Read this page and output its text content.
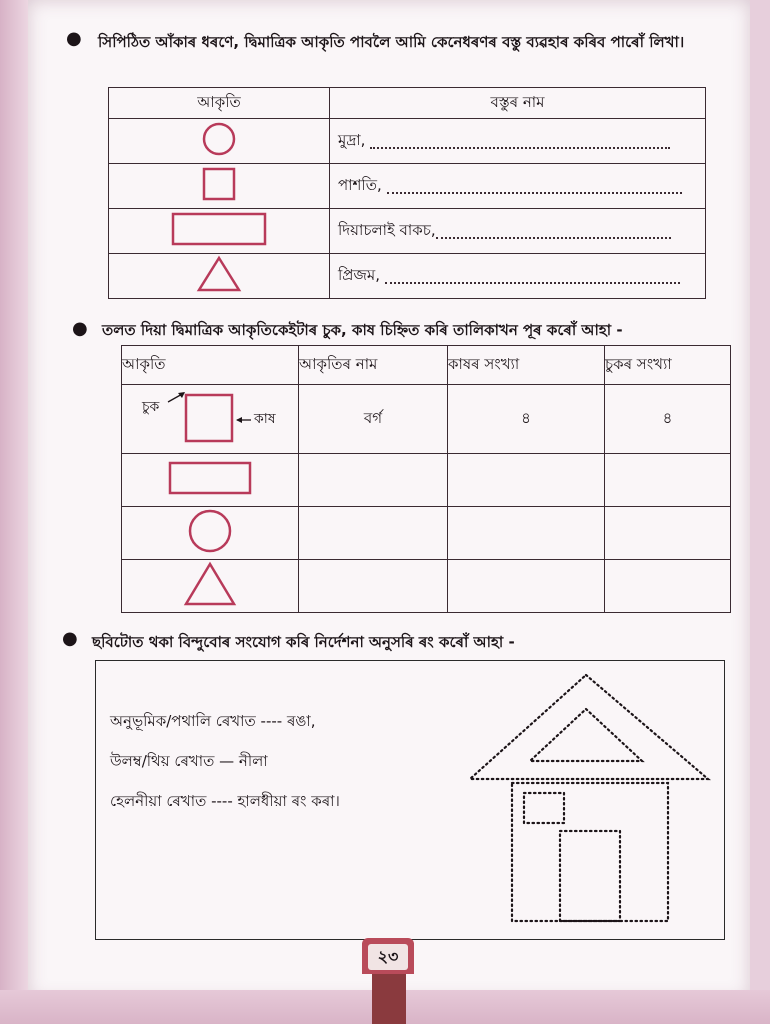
● সিপিঠিত আঁকাৰ ধৰণে, দ্বিমাত্ৰিক আকৃতি পাবলৈ আমি কেনেধৰণৰ বস্তু ব্যৱহাৰ কৰিব পাৰোঁ লিখা।
আকৃতি	বস্তুৰ নাম
	মুদ্ৰা,
	পাশতি,
	দিয়াচলাই বাকচ,
	প্ৰিজম,
● তলত দিয়া দ্বিমাত্ৰিক আকৃতিকেইটাৰ চুক, কাষ চিহ্নিত কৰি তালিকাখন পূৰ কৰোঁ আহা -
আকৃতি	আকৃতিৰ নাম	কাষৰ সংখ্যা	চুকৰ সংখ্যা

চুক
কাষ	বৰ্গ	৪	৪

● ছবিটোত থকা বিন্দুবোৰ সংযোগ কৰি নিৰ্দেশনা অনুসৰি ৰং কৰোঁ আহা -
অনুভূমিক/পথালি ৰেখাত ---- ৰঙা,
উলম্ব/থিয় ৰেখাত — নীলা
হেলনীয়া ৰেখাত ---- হালধীয়া ৰং কৰা।
২৩
